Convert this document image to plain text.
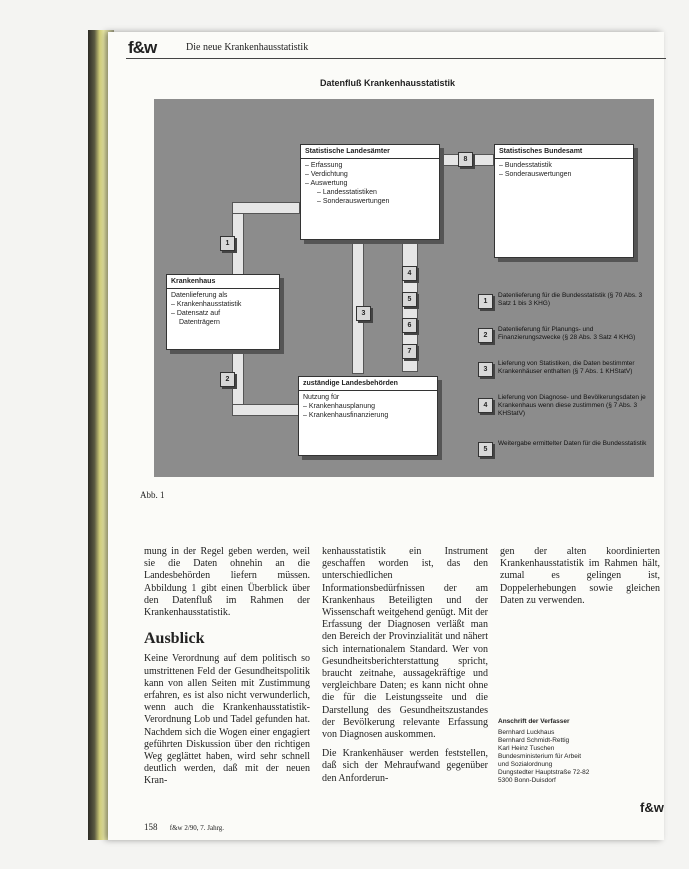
f&w	Die neue Krankenhausstatistik
Datenfluß Krankenhausstatistik
Statistische Landesämter
– Erfassung
– Verdichtung
– Auswertung
– Landesstatistiken
– Sonderauswertungen
Statistisches Bundesamt
– Bundesstatistik
– Sonderauswertungen
Krankenhaus
Datenlieferung als
– Krankenhausstatistik
– Datensatz auf
Datenträgern
zuständige Landesbehörden
Nutzung für
– Krankenhausplanung
– Krankenhausfinanzierung
1
2
3
4
5
6
7
8
1
Datenlieferung für die Bundesstatistik (§ 70 Abs. 3 Satz 1 bis 3 KHG)
2
Datenlieferung für Planungs- und Finanzierungszwecke (§ 28 Abs. 3 Satz 4 KHG)
3
Lieferung von Statistiken, die Daten bestimmter Krankenhäuser enthalten (§ 7 Abs. 1 KHStatV)
4
Lieferung von Diagnose- und Bevölkerungsdaten je Krankenhaus wenn diese zustimmen (§ 7 Abs. 3 KHStatV)
5
Weitergabe ermittelter Daten für die Bundesstatistik
Abb. 1

mung in der Regel geben werden, weil sie die Daten ohnehin an die Landesbehörden liefern müssen. Abbildung 1 gibt einen Überblick über den Datenfluß im Rahmen der Krankenhausstatistik.

Ausblick

Keine Verordnung auf dem politisch so umstrittenen Feld der Gesundheitspolitik kann von allen Seiten mit Zustimmung erfahren, es ist also nicht verwunderlich, wenn auch die Krankenhausstatistik-Verordnung Lob und Tadel gefunden hat. Nachdem sich die Wogen einer engagiert geführten Diskussion über den richtigen Weg geglättet haben, wird sehr schnell deutlich werden, daß mit der neuen Kran-

kenhausstatistik ein Instrument geschaffen worden ist, das den unterschiedlichen Informationsbedürfnissen der am Krankenhaus Beteiligten und der Wissenschaft weitgehend genügt. Mit der Erfassung der Diagnosen verläßt man den Bereich der Provinzialität und nähert sich internationalem Standard. Wer von Gesundheitsberichterstattung spricht, braucht zeitnahe, aussagekräftige und vergleichbare Daten; es kann nicht ohne die für die Leistungsseite und die Darstellung des Gesundheitszustandes der Bevölkerung relevante Erfassung von Diagnosen auskommen.

Die Krankenhäuser werden feststellen, daß sich der Mehraufwand gegenüber den Anforderun-

gen der alten koordinierten Krankenhausstatistik im Rahmen hält, zumal es gelingen ist, Doppelerhebungen sowie gleichen Daten zu verwenden.

Anschrift der Verfasser
Bernhard Luckhaus
Bernhard Schmidt-Rettig
Karl Heinz Tuschen
Bundesministerium für Arbeit
und Sozialordnung
Dungstedter Hauptstraße 72-82
5300 Bonn-Duisdorf
158 f&w 2/90, 7. Jahrg.
f&w
